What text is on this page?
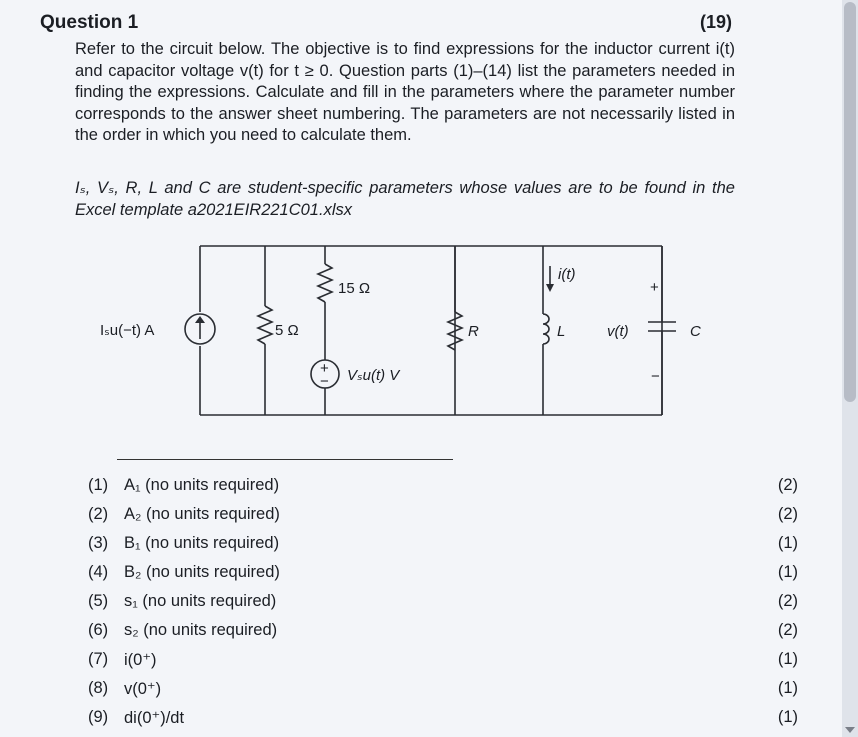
Question 1	(19)
Refer to the circuit below. The objective is to find expressions for the inductor current i(t) and capacitor voltage v(t) for t ≥ 0. Question parts (1)–(14) list the parameters needed in finding the expressions. Calculate and fill in the parameters where the parameter number corresponds to the answer sheet numbering. The parameters are not necessarily listed in the order in which you need to calculate them.
Iₛ, Vₛ, R, L and C are student-specific parameters whose values are to be found in the Excel template a2021EIR221C01.xlsx
+
−
Iₛu(−t) A	5 Ω
15 Ω
Vₛu(t) V
R	L
i(t)
v(t)	C
+
−
(1) A₁ (no units required)	(2)
(2) A₂ (no units required)	(2)
(3) B₁ (no units required)	(1)
(4) B₂ (no units required)	(1)
(5) s₁ (no units required)	(2)
(6) s₂ (no units required)	(2)
(7) i(0⁺)	(1)
(8) v(0⁺)	(1)
(9) di(0⁺)/dt	(1)
